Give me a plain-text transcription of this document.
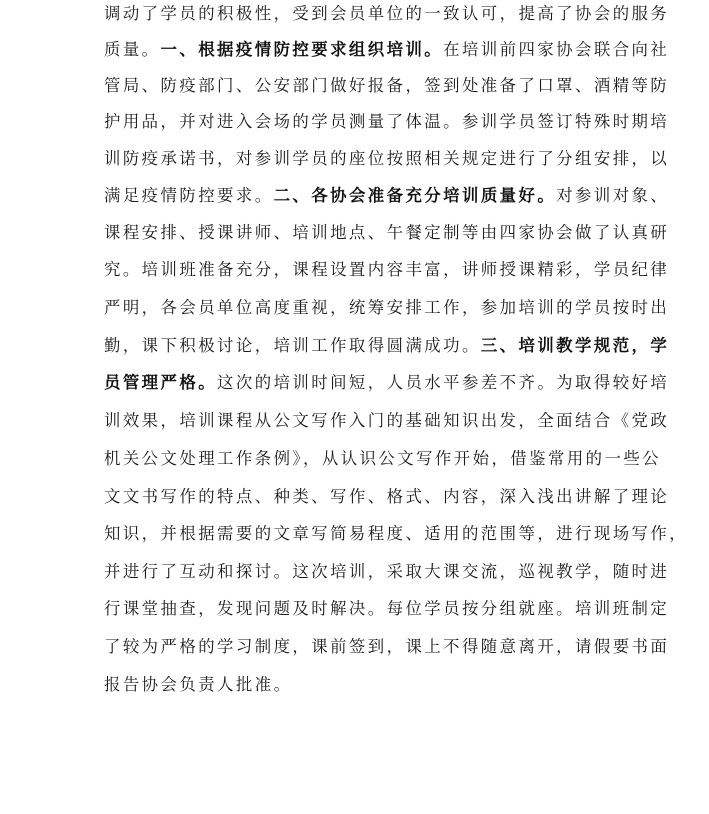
调动了学员的积极性，受到会员单位的一致认可，提高了协会的服务
质量。一、根据疫情防控要求组织培训。在培训前四家协会联合向社
管局、防疫部门、公安部门做好报备，签到处准备了口罩、酒精等防
护用品，并对进入会场的学员测量了体温。参训学员签订特殊时期培
训防疫承诺书，对参训学员的座位按照相关规定进行了分组安排，以
满足疫情防控要求。二、各协会准备充分培训质量好。对参训对象、
课程安排、授课讲师、培训地点、午餐定制等由四家协会做了认真研
究。培训班准备充分，课程设置内容丰富，讲师授课精彩，学员纪律
严明，各会员单位高度重视，统筹安排工作，参加培训的学员按时出
勤，课下积极讨论，培训工作取得圆满成功。三、培训教学规范，学
员管理严格。这次的培训时间短，人员水平参差不齐。为取得较好培
训效果，培训课程从公文写作入门的基础知识出发，全面结合《党政
机关公文处理工作条例》，从认识公文写作开始，借鉴常用的一些公
文文书写作的特点、种类、写作、格式、内容，深入浅出讲解了理论
知识，并根据需要的文章写简易程度、适用的范围等，进行现场写作，
并进行了互动和探讨。这次培训，采取大课交流，巡视教学，随时进
行课堂抽查，发现问题及时解决。每位学员按分组就座。培训班制定
了较为严格的学习制度，课前签到，课上不得随意离开，请假要书面
报告协会负责人批准。
